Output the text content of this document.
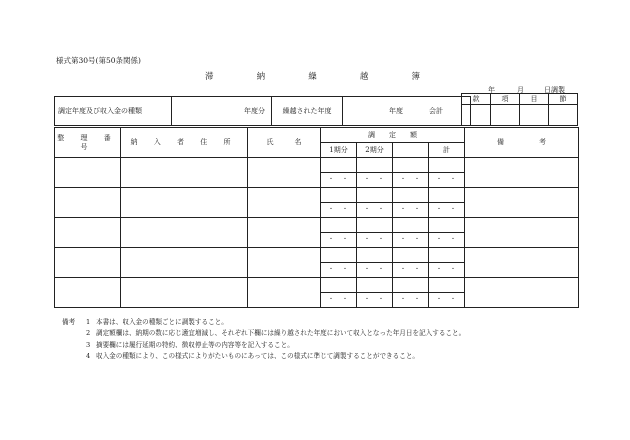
様式第30号(第50条関係)
滞	納	繰	越	簿
年	月	日調製
調定年度及び収入金の種類	年度分	繰越された年度	年度	会計
款	項	目	節

整 理 番 号	納 入 者 住 所	氏　　　名	調　　定　　額				備　　　　　考
			1期分	2期分		計	

			・　・	・　・	・　・	・　・	

			・　・	・　・	・　・	・　・	

			・　・	・　・	・　・	・　・	

			・　・	・　・	・　・	・　・	

			・　・	・　・	・　・	・　・	
備考	1 本書は、収入金の種類ごとに調製すること。
2 調定額欄は、納期の数に応じ適宜増減し、それぞれ下欄には繰り越された年度において収入となった年月日を記入すること。
3 摘要欄には履行延期の特約、徴収停止等の内容等を記入すること。
4 収入金の種類により、この様式によりがたいものにあっては、この様式に準じて調製することができること。
